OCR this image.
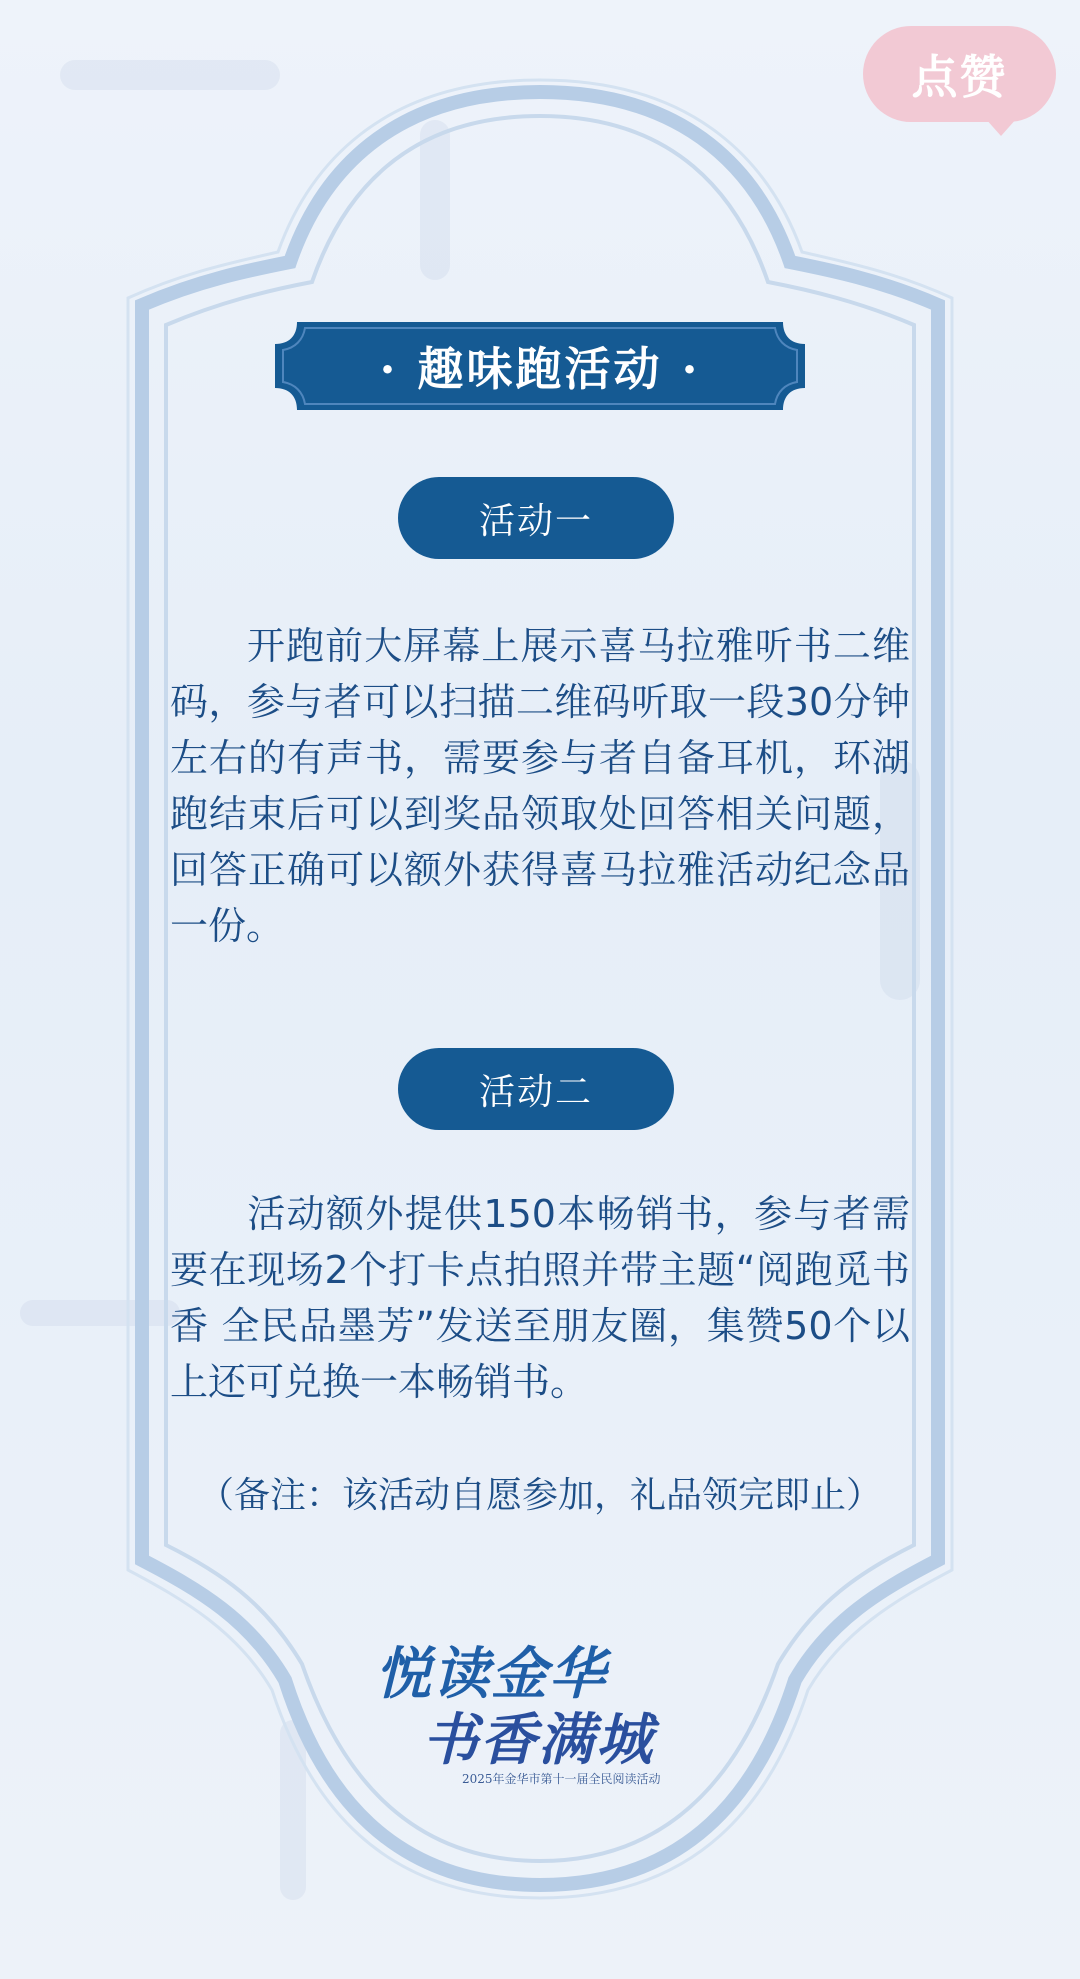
点赞
· 趣味跑活动 ·
活动一

开跑前大屏幕上展示喜马拉雅听书二维码，参与者可以扫描二维码听取一段30分钟左右的有声书，需要参与者自备耳机，环湖跑结束后可以到奖品领取处回答相关问题，回答正确可以额外获得喜马拉雅活动纪念品一份。

活动二

活动额外提供150本畅销书，参与者需要在现场2个打卡点拍照并带主题“阅跑觅书香 全民品墨芳”发送至朋友圈，集赞50个以上还可兑换一本畅销书。

（备注：该活动自愿参加，礼品领完即止）
悦读金华
书香满城
2025年金华市第十一届全民阅读活动
